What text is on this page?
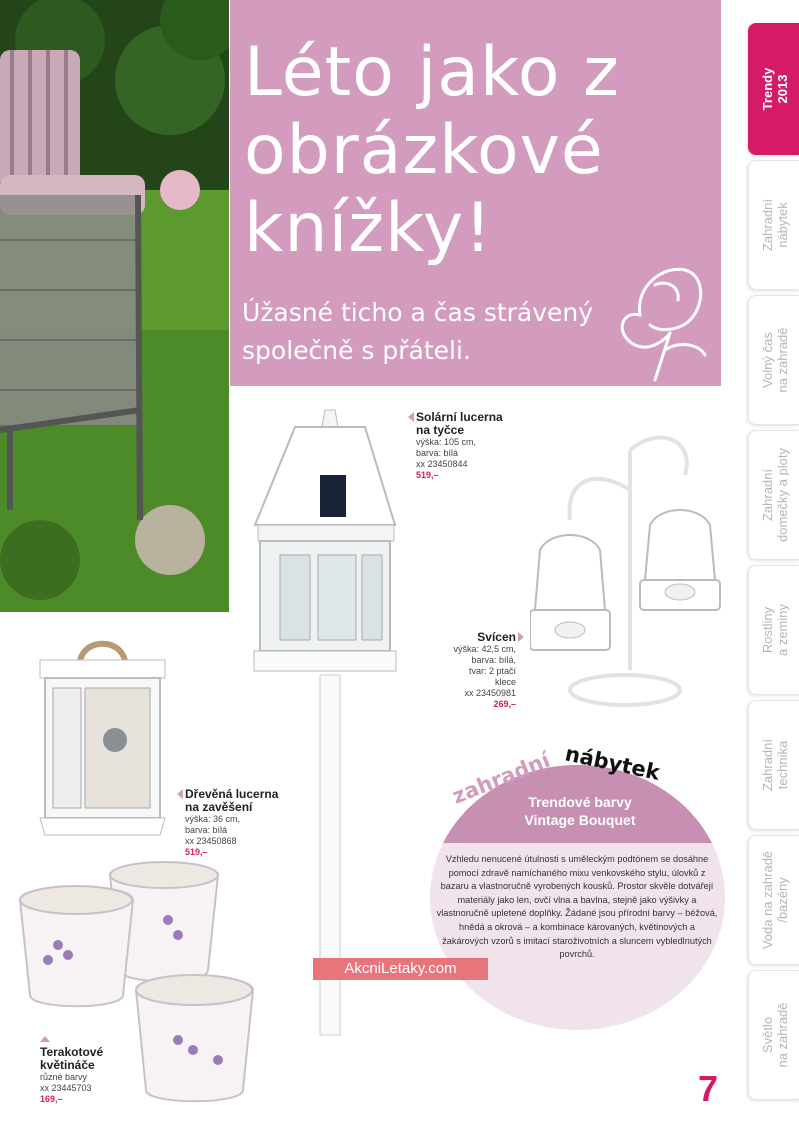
Léto jako z obrázkové knížky!

Úžasné ticho a čas strávený společně s přáteli.

Trendy
2013
Zahradní
nábytek
Volný čas
na zahradě
Zahradní
domečky a ploty
Rostliny
a zeminy
Zahradní
technika
Voda na zahradě
/bazény
Světlo
na zahradě
Solární lucerna
na tyčce
výška: 105 cm,
barva: bílá
xx 23450844
519,–
Svícen
výška: 42,5 cm,
barva: bílá,
tvar: 2 ptačí
klece
xx 23450981
269,–
Dřevěná lucerna
na zavěšení
výška: 36 cm,
barva: bílá
xx 23450868
519,–
Terakotové
květináče
různé barvy
xx 23445703
169,–
Trendové barvy
Vintage Bouquet
Vzhledu nenucené útulnosti s uměleckým podtónem se dosáhne pomocí zdravě namíchaného mixu venkovského stylu, úlovků z bazaru a vlastnoručně vyrobených kousků. Prostor skvěle dotvářejí materiály jako len, ovčí vlna a bavlna, stejně jako výšivky a vlastnoručně upletené doplňky. Žádané jsou přírodní barvy – béžová, hnědá a okrová – a kombinace károvaných, květinových a žakárových vzorů s imitací staroživotních a sluncem vybledlnutých povrchů.
zahradní nábytek
AkcniLetaky.com
7
